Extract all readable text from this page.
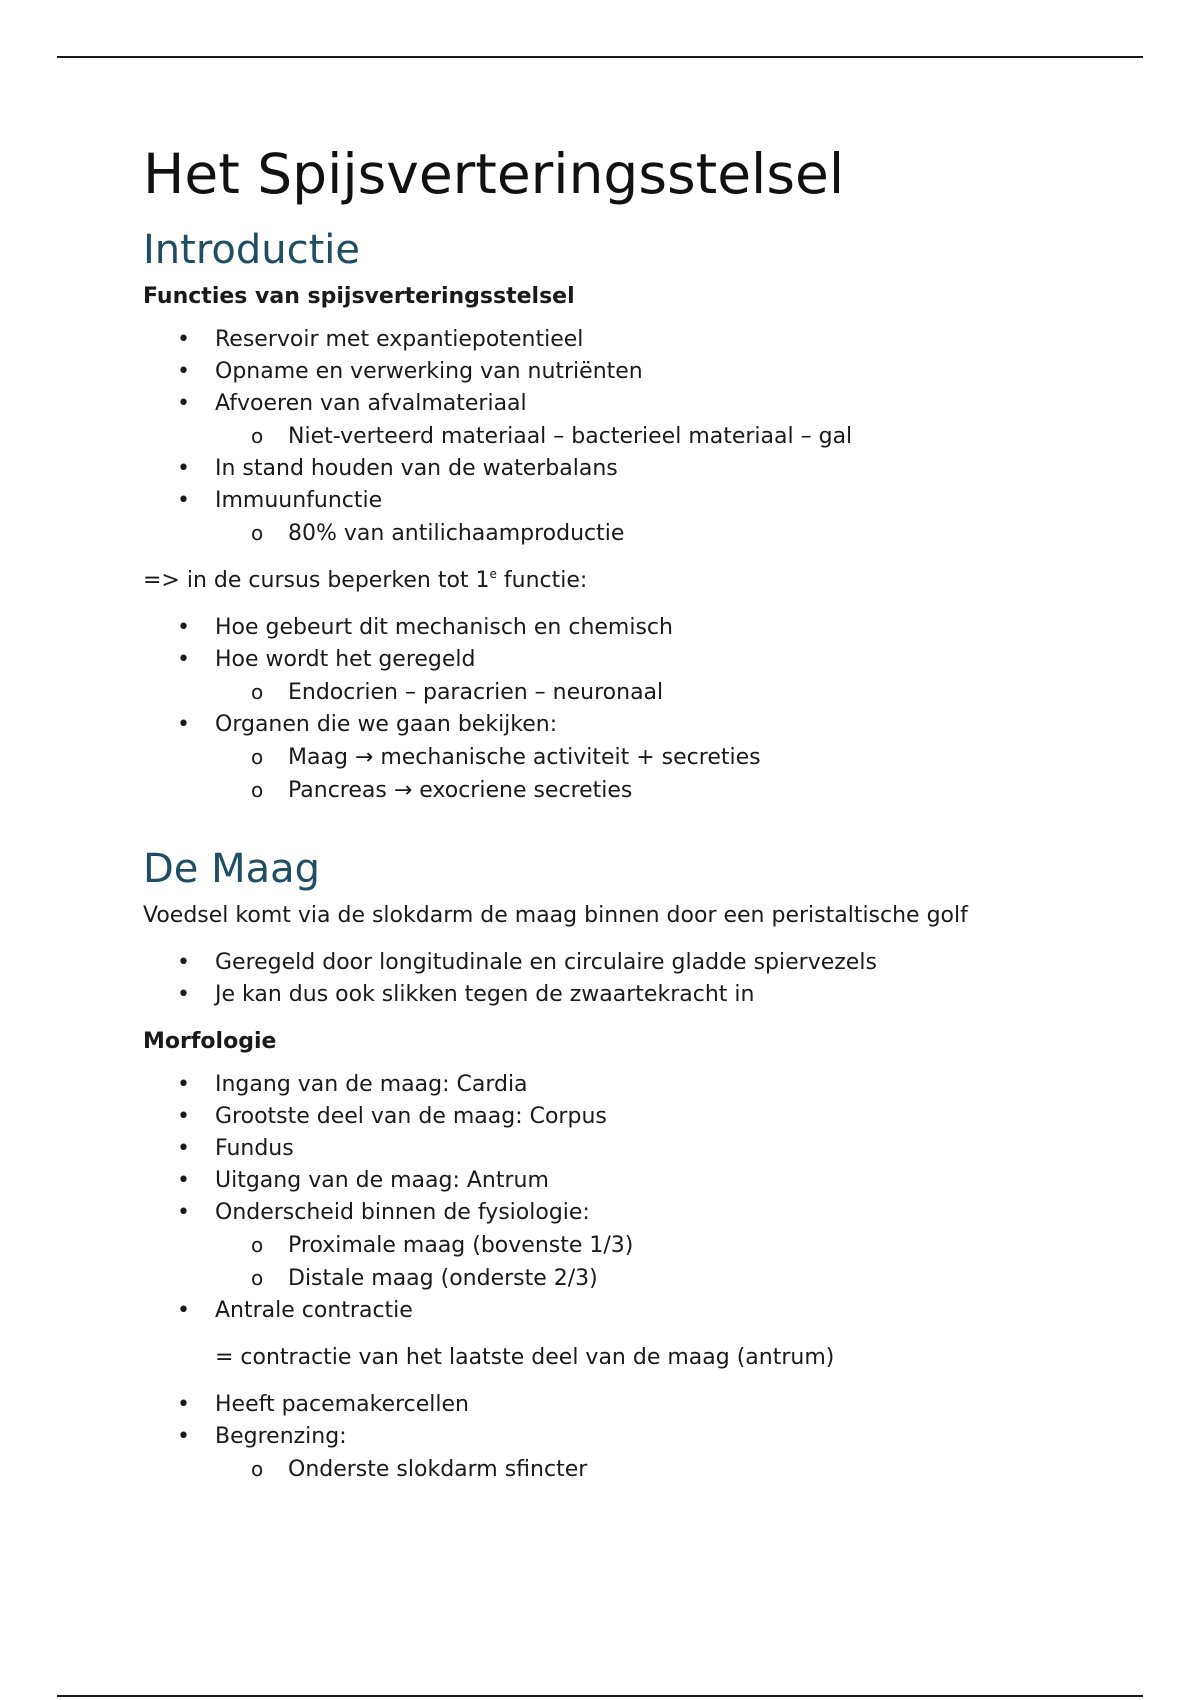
Het Spijsverteringsstelsel
Introductie
Functies van spijsverteringsstelsel
• Reservoir met expantiepotentieel
• Opname en verwerking van nutriënten
• Afvoeren van afvalmateriaal
o Niet-verteerd materiaal – bacterieel materiaal – gal
• In stand houden van de waterbalans
• Immuunfunctie
o 80% van antilichaamproductie

=> in de cursus beperken tot 1e functie:

• Hoe gebeurt dit mechanisch en chemisch
• Hoe wordt het geregeld
o Endocrien – paracrien – neuronaal
• Organen die we gaan bekijken:
o Maag → mechanische activiteit + secreties
o Pancreas → exocriene secreties
De Maag

Voedsel komt via de slokdarm de maag binnen door een peristaltische golf

• Geregeld door longitudinale en circulaire gladde spiervezels
• Je kan dus ook slikken tegen de zwaartekracht in
Morfologie
• Ingang van de maag: Cardia
• Grootste deel van de maag: Corpus
• Fundus
• Uitgang van de maag: Antrum
• Onderscheid binnen de fysiologie:
o Proximale maag (bovenste 1/3)
o Distale maag (onderste 2/3)
• Antrale contractie

= contractie van het laatste deel van de maag (antrum)

• Heeft pacemakercellen
• Begrenzing:
o Onderste slokdarm sfincter
